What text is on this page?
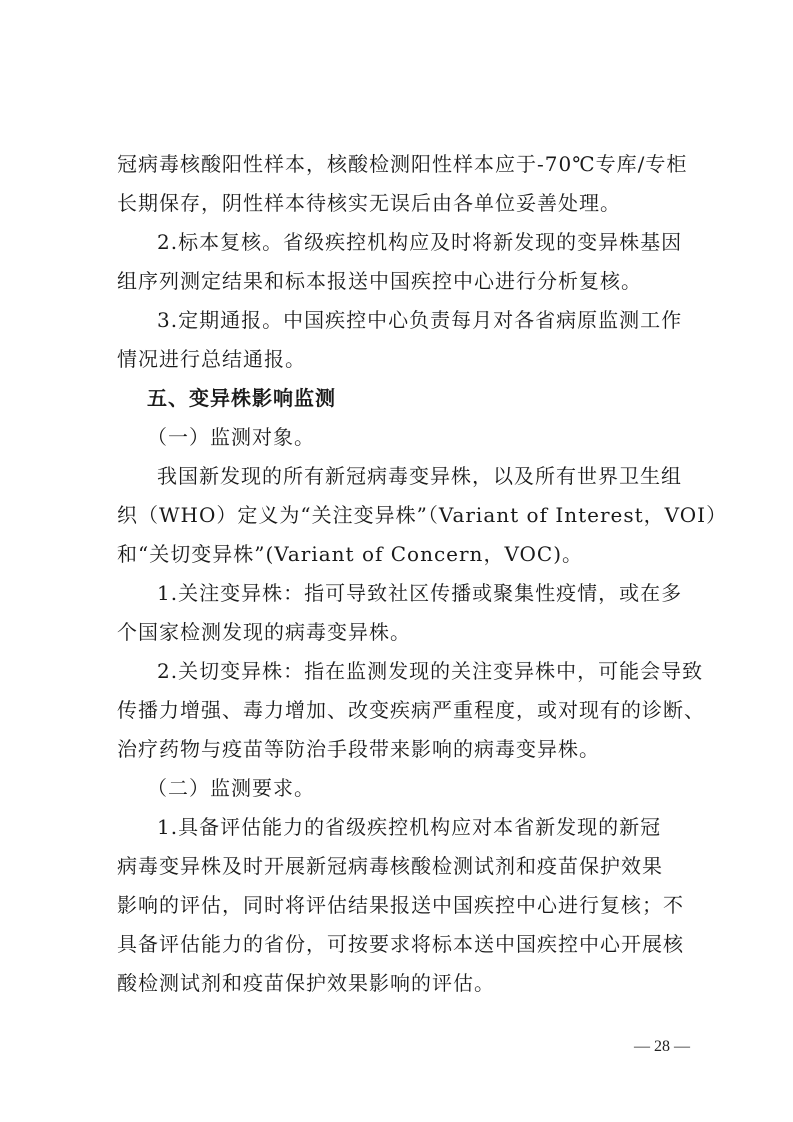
冠病毒核酸阳性样本，核酸检测阳性样本应于-70℃专库/专柜

长期保存，阴性样本待核实无误后由各单位妥善处理。

2.标本复核。省级疾控机构应及时将新发现的变异株基因

组序列测定结果和标本报送中国疾控中心进行分析复核。

3.定期通报。中国疾控中心负责每月对各省病原监测工作

情况进行总结通报。

五、变异株影响监测

（一）监测对象。

我国新发现的所有新冠病毒变异株，以及所有世界卫生组

织（WHO）定义为“关注变异株”（Variant of Interest，VOI）

和“关切变异株”(Variant of Concern，VOC)。

1.关注变异株：指可导致社区传播或聚集性疫情，或在多

个国家检测发现的病毒变异株。

2.关切变异株：指在监测发现的关注变异株中，可能会导致

传播力增强、毒力增加、改变疾病严重程度，或对现有的诊断、

治疗药物与疫苗等防治手段带来影响的病毒变异株。

（二）监测要求。

1.具备评估能力的省级疾控机构应对本省新发现的新冠

病毒变异株及时开展新冠病毒核酸检测试剂和疫苗保护效果

影响的评估，同时将评估结果报送中国疾控中心进行复核；不

具备评估能力的省份，可按要求将标本送中国疾控中心开展核

酸检测试剂和疫苗保护效果影响的评估。

— 28 —
